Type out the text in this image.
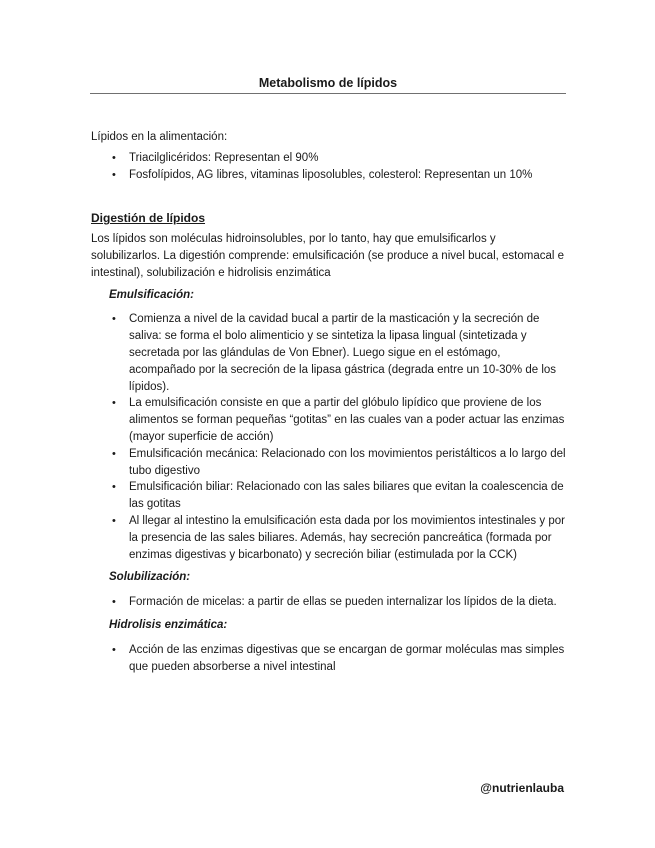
Metabolismo de lípidos

Lípidos en la alimentación:

• Triacilglicéridos: Representan el 90%
• Fosfolípidos, AG libres, vitaminas liposolubles, colesterol: Representan un 10%
Digestión de lípidos

Los lípidos son moléculas hidroinsolubles, por lo tanto, hay que emulsificarlos y solubilizarlos. La digestión comprende: emulsificación (se produce a nivel bucal, estomacal e intestinal), solubilización e hidrolisis enzimática

Emulsificación:
• Comienza a nivel de la cavidad bucal a partir de la masticación y la secreción de saliva: se forma el bolo alimenticio y se sintetiza la lipasa lingual (sintetizada y secretada por las glándulas de Von Ebner). Luego sigue en el estómago, acompañado por la secreción de la lipasa gástrica (degrada entre un 10-30% de los lípidos).
• La emulsificación consiste en que a partir del glóbulo lipídico que proviene de los alimentos se forman pequeñas “gotitas” en las cuales van a poder actuar las enzimas (mayor superficie de acción)
• Emulsificación mecánica: Relacionado con los movimientos peristálticos a lo largo del tubo digestivo
• Emulsificación biliar: Relacionado con las sales biliares que evitan la coalescencia de las gotitas
• Al llegar al intestino la emulsificación esta dada por los movimientos intestinales y por la presencia de las sales biliares. Además, hay secreción pancreática (formada por enzimas digestivas y bicarbonato) y secreción biliar (estimulada por la CCK)
Solubilización:
• Formación de micelas: a partir de ellas se pueden internalizar los lípidos de la dieta.
Hidrolisis enzimática:
• Acción de las enzimas digestivas que se encargan de gormar moléculas mas simples que pueden absorberse a nivel intestinal
@nutrienlauba
